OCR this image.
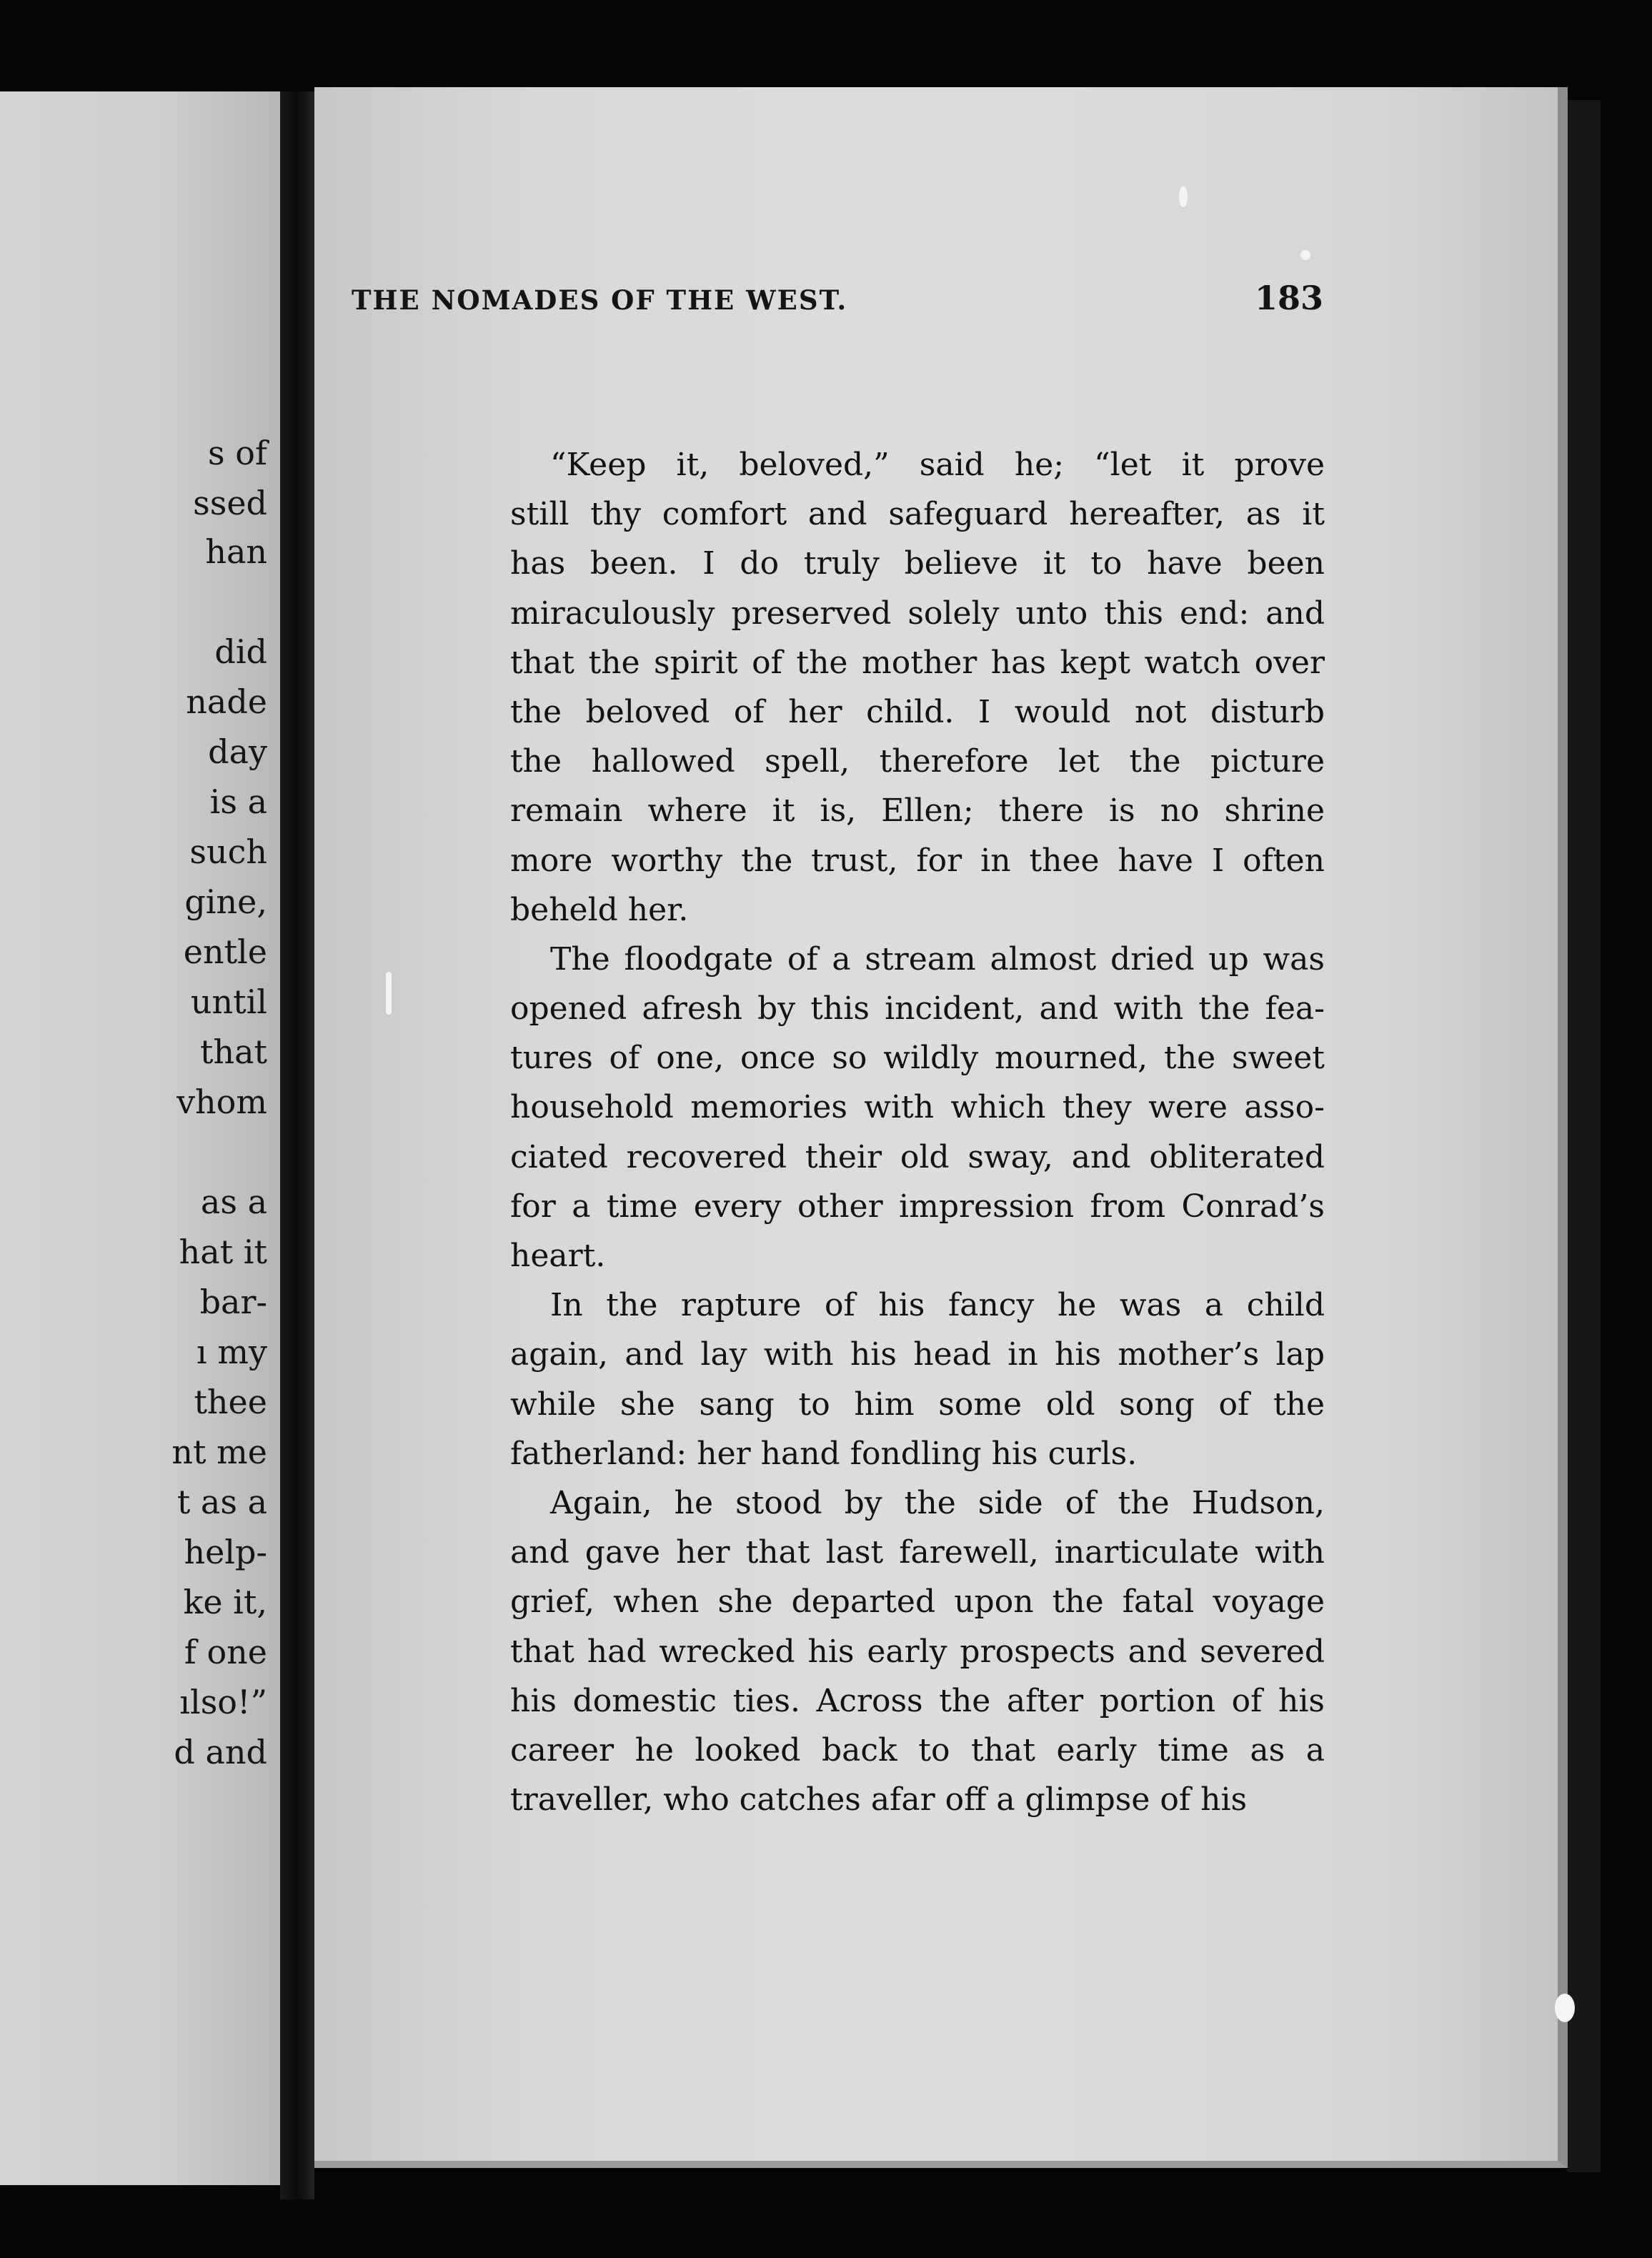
s of

ssed

han

did

nade

day

is a

such

gine,

entle

until

that

vhom

as a

hat it

bar-

ı my

thee

nt me

t as a

help-

ke it,

f one

ılso!”

d and

THE NOMADES OF THE WEST.	183
“Keep it, beloved,” said he; “let it prove
still thy comfort and safeguard hereafter, as it
has been. I do truly believe it to have been
miraculously preserved solely unto this end: and
that the spirit of the mother has kept watch over
the beloved of her child. I would not disturb
the hallowed spell, therefore let the picture
remain where it is, Ellen; there is no shrine
more worthy the trust, for in thee have I often
beheld her.
The floodgate of a stream almost dried up was
opened afresh by this incident, and with the fea-
tures of one, once so wildly mourned, the sweet
household memories with which they were asso-
ciated recovered their old sway, and obliterated
for a time every other impression from Conrad’s
heart.
In the rapture of his fancy he was a child
again, and lay with his head in his mother’s lap
while she sang to him some old song of the
fatherland: her hand fondling his curls.
Again, he stood by the side of the Hudson,
and gave her that last farewell, inarticulate with
grief, when she departed upon the fatal voyage
that had wrecked his early prospects and severed
his domestic ties. Across the after portion of his
career he looked back to that early time as a
traveller, who catches afar off a glimpse of his
